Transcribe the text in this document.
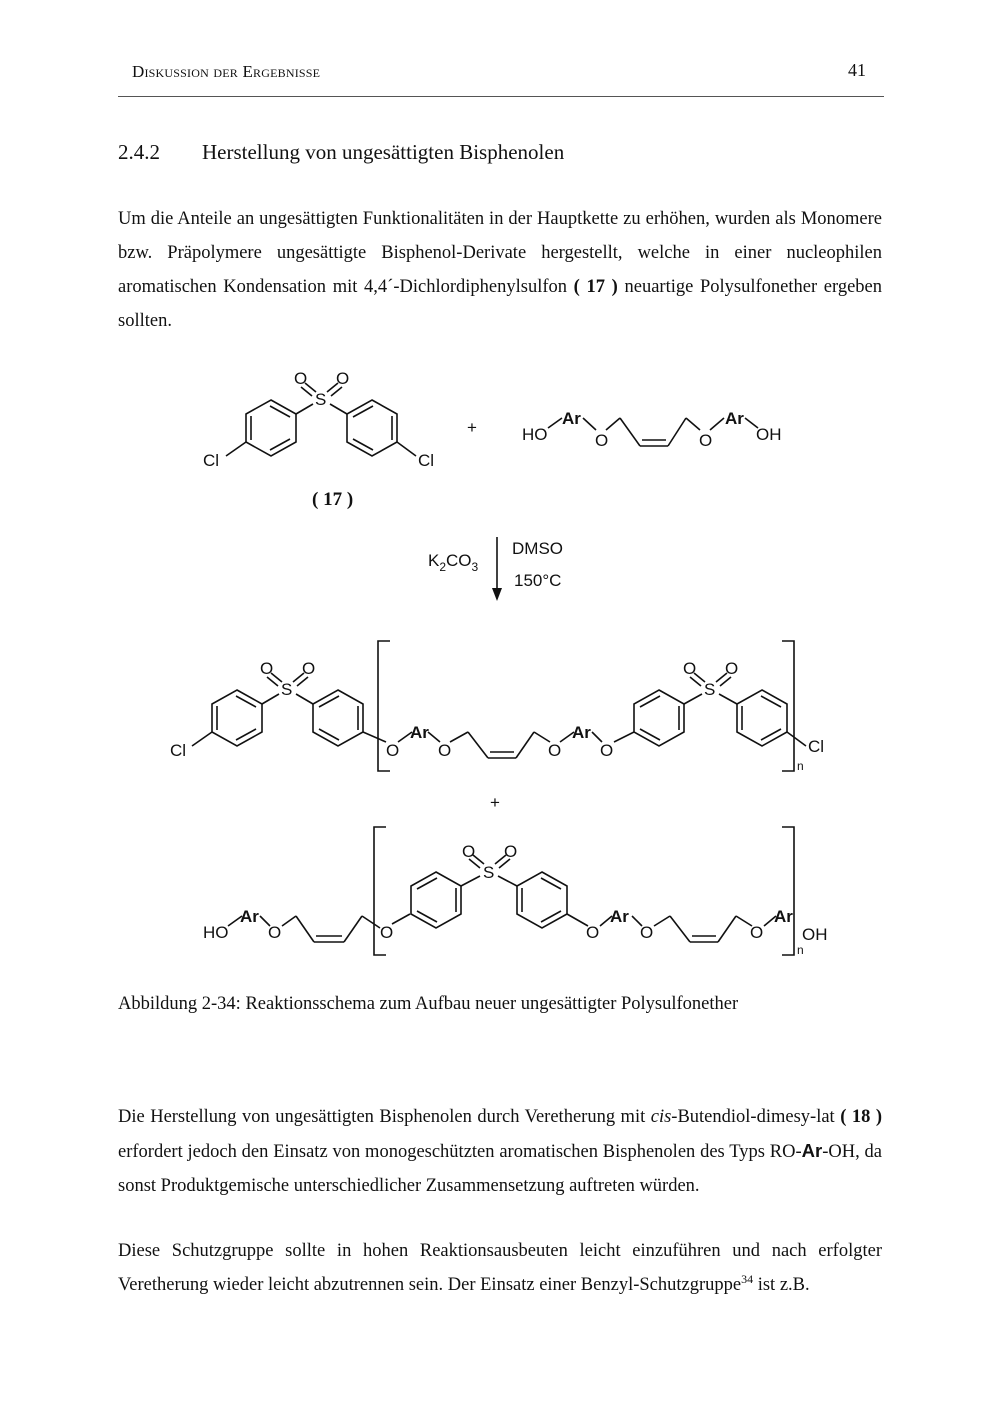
Diskussion der Ergebnisse	41
2.4.2 Herstellung von ungesättigten Bisphenolen

Um die Anteile an ungesättigten Funktionalitäten in der Hauptkette zu erhöhen, wurden als Monomere bzw. Präpolymere ungesättigte Bisphenol-Derivate hergestellt, welche in einer nucleophilen aromatischen Kondensation mit 4,4´-Dichlordiphenylsulfon ( 17 ) neuartige Polysulfonether ergeben sollten.

O O
S
Cl	Cl
( 17 )
+	HO
Ar
O	O
Ar
OH
$K_2CO_3$
DMSO
150°C
O O
S
Cl	O
Ar
O	O
Ar
O
O O
S
Cl
n
+
HO
Ar
O	O
O O
S
O
Ar
O	O
Ar
OH
n
Abbildung 2-34: Reaktionsschema zum Aufbau neuer ungesättigter Polysulfonether

Die Herstellung von ungesättigten Bisphenolen durch Veretherung mit cis-Butendiol-dimesy-lat ( 18 ) erfordert jedoch den Einsatz von monogeschützten aromatischen Bisphenolen des Typs RO-Ar-OH, da sonst Produktgemische unterschiedlicher Zusammensetzung auftreten würden.

Diese Schutzgruppe sollte in hohen Reaktionsausbeuten leicht einzuführen und nach erfolgter Veretherung wieder leicht abzutrennen sein. Der Einsatz einer Benzyl-Schutzgruppe$^{34}$ ist z.B.
